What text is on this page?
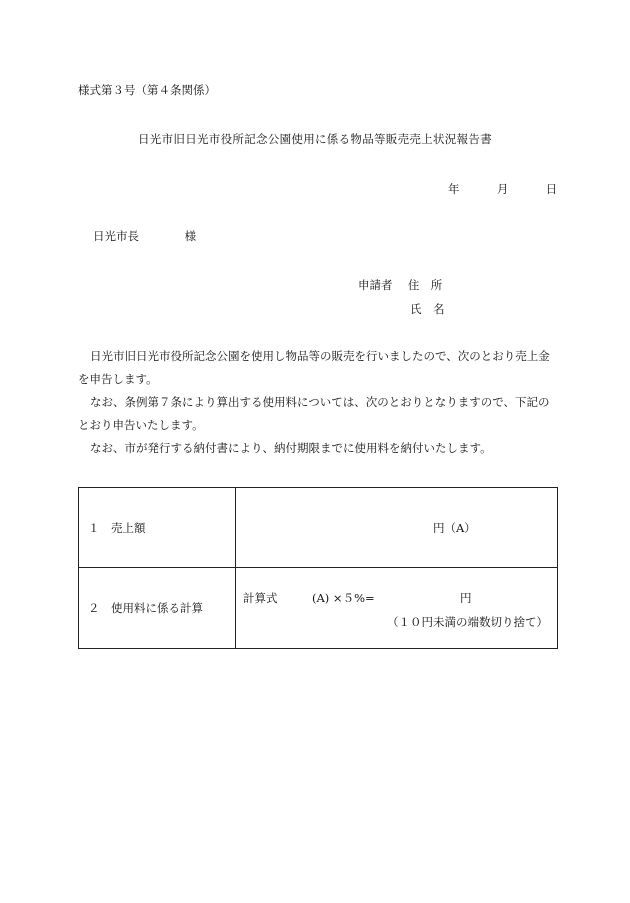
様式第３号（第４条関係）
日光市旧日光市役所記念公園使用に係る物品等販売売上状況報告書
年	月	日
日光市長	様
申請者 住　所
氏　名

日光市旧日光市役所記念公園を使用し物品等の販売を行いましたので、次のとおり売上金を申告します。

なお、条例第７条により算出する使用料については、次のとおりとなりますので、下記のとおり申告いたします。

なお、市が発行する納付書により、納付期限までに使用料を納付いたします。

１　売上額	円（A）

２　使用料に係る計算	計算式 (A) ×５%= 円
（１０円未満の端数切り捨て）
